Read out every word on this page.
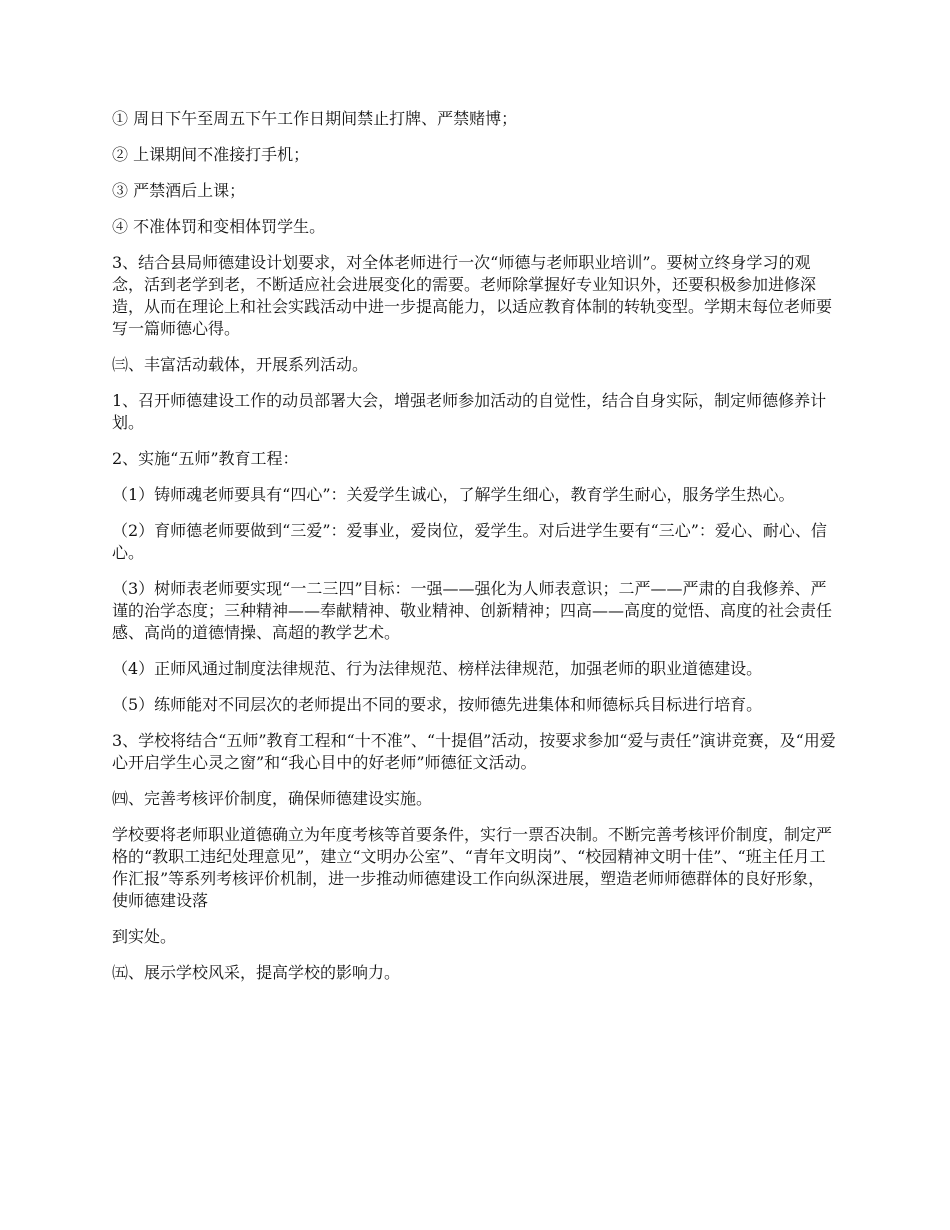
① 周日下午至周五下午工作日期间禁止打牌、严禁赌博；

② 上课期间不准接打手机；

③ 严禁酒后上课；

④ 不准体罚和变相体罚学生。

3、结合县局师德建设计划要求，对全体老师进行一次“师德与老师职业培训”。要树立终身学习的观念，活到老学到老，不断适应社会进展变化的需要。老师除掌握好专业知识外，还要积极参加进修深造，从而在理论上和社会实践活动中进一步提高能力，以适应教育体制的转轨变型。学期末每位老师要写一篇师德心得。

㈢、丰富活动载体，开展系列活动。

1、召开师德建设工作的动员部署大会，增强老师参加活动的自觉性，结合自身实际，制定师德修养计划。

2、实施“五师”教育工程：

（1）铸师魂老师要具有“四心”：关爱学生诚心，了解学生细心，教育学生耐心，服务学生热心。

（2）育师德老师要做到“三爱”：爱事业，爱岗位，爱学生。对后进学生要有“三心”：爱心、耐心、信心。

（3）树师表老师要实现“一二三四”目标：一强——强化为人师表意识；二严——严肃的自我修养、严谨的治学态度；三种精神——奉献精神、敬业精神、创新精神；四高——高度的觉悟、高度的社会责任感、高尚的道德情操、高超的教学艺术。

（4）正师风通过制度法律规范、行为法律规范、榜样法律规范，加强老师的职业道德建设。

（5）练师能对不同层次的老师提出不同的要求，按师德先进集体和师德标兵目标进行培育。

3、学校将结合“五师”教育工程和“十不准”、“十提倡”活动，按要求参加“爱与责任”演讲竞赛，及“用爱心开启学生心灵之窗”和“我心目中的好老师”师德征文活动。

㈣、完善考核评价制度，确保师德建设实施。

学校要将老师职业道德确立为年度考核等首要条件，实行一票否决制。不断完善考核评价制度，制定严格的“教职工违纪处理意见”，建立“文明办公室”、“青年文明岗”、“校园精神文明十佳”、“班主任月工作汇报”等系列考核评价机制，进一步推动师德建设工作向纵深进展，塑造老师师德群体的良好形象，使师德建设落

到实处。

㈤、展示学校风采，提高学校的影响力。
